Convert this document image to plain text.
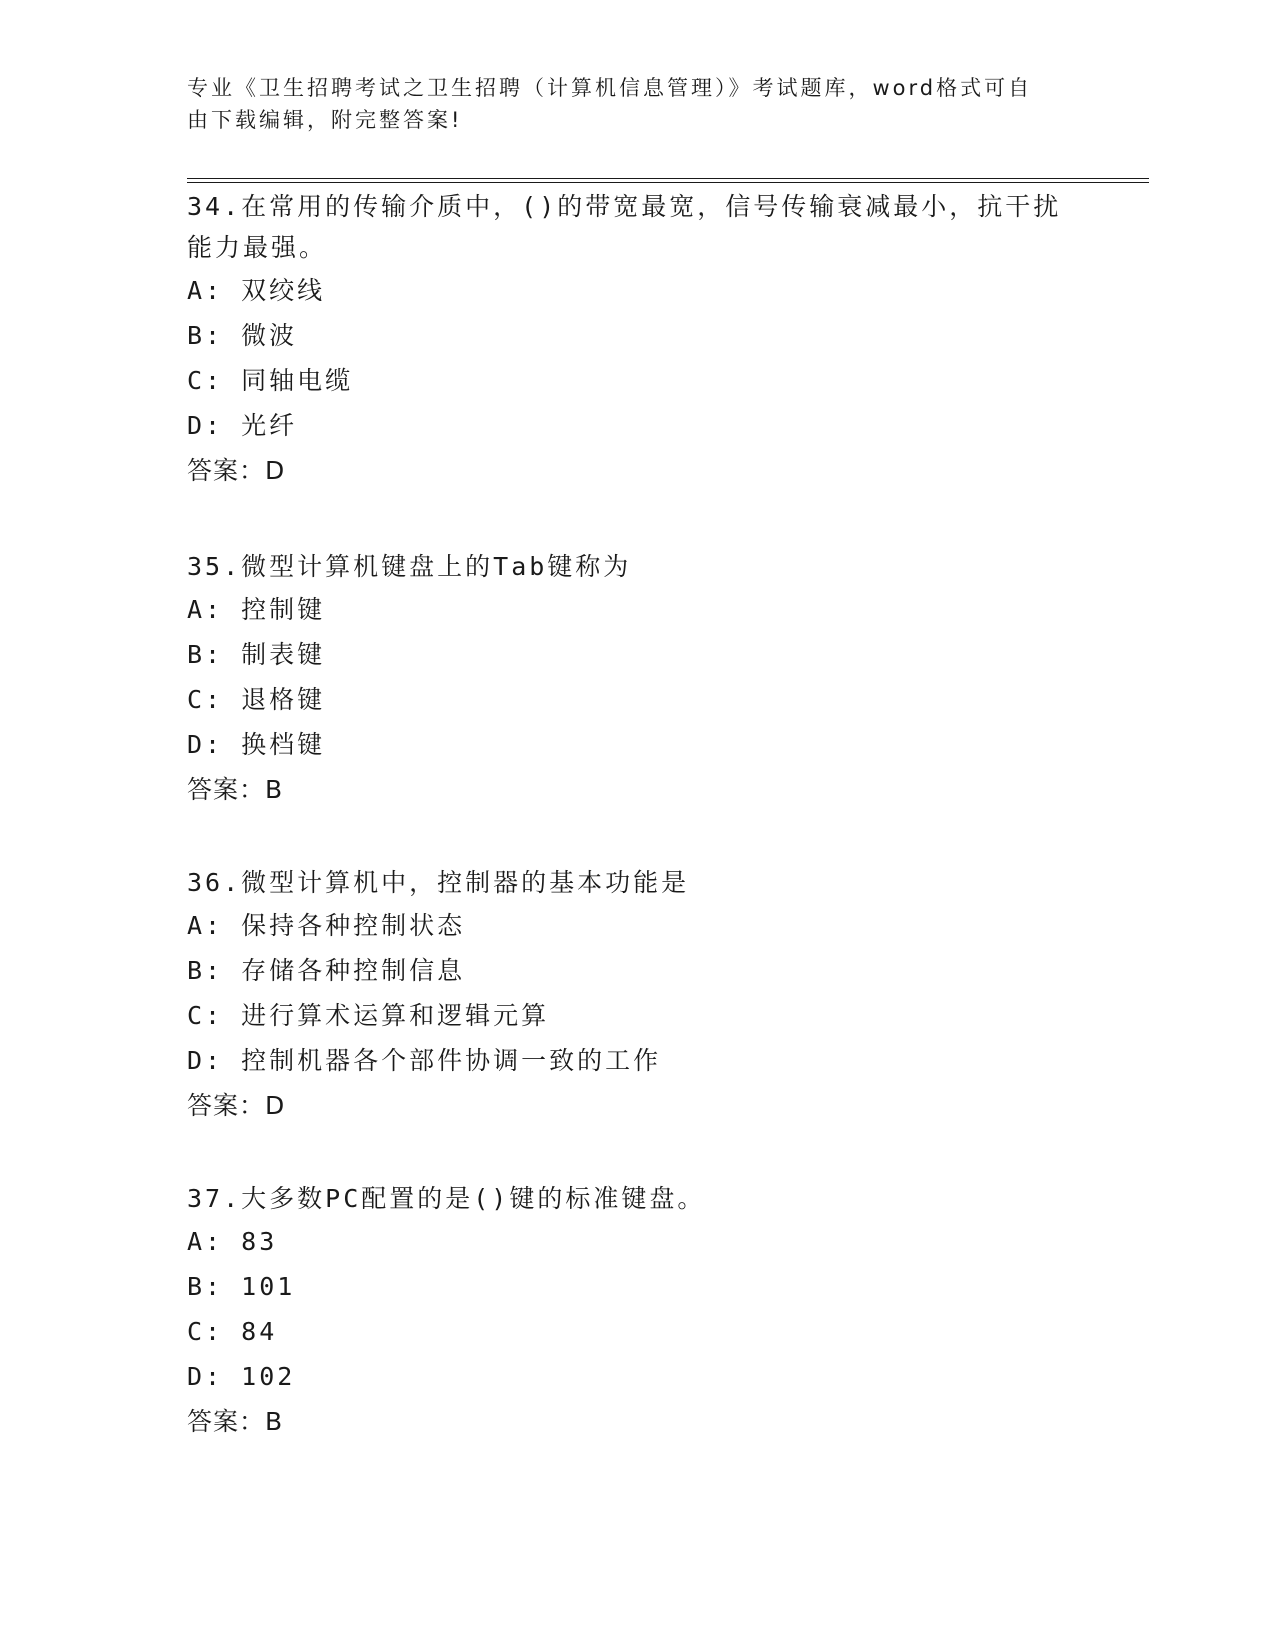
专业《卫生招聘考试之卫生招聘（计算机信息管理）》考试题库，word格式可自
由下载编辑，附完整答案!

34.在常用的传输介质中，()的带宽最宽，信号传输衰减最小，抗干扰

能力最强。

A: 双绞线

B: 微波

C: 同轴电缆

D: 光纤

答案：D

35.微型计算机键盘上的Tab键称为

A: 控制键

B: 制表键

C: 退格键

D: 换档键

答案：B

36.微型计算机中，控制器的基本功能是

A: 保持各种控制状态

B: 存储各种控制信息

C: 进行算术运算和逻辑元算

D: 控制机器各个部件协调一致的工作

答案：D

37.大多数PC配置的是()键的标准键盘。

A: 83

B: 101

C: 84

D: 102

答案：B
